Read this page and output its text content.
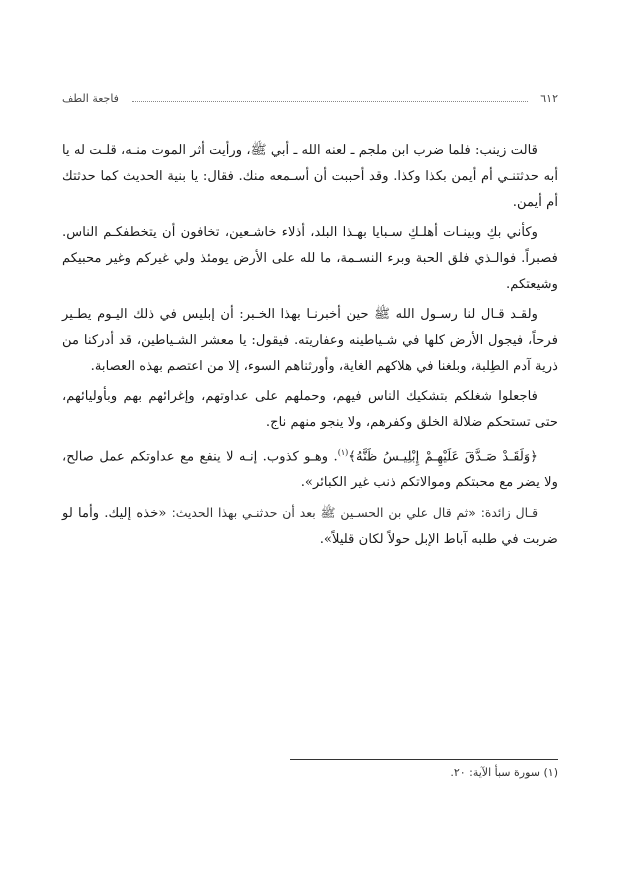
٦١٢
فاجعة الطف

قالت زينب: فلما ضرب ابن ملجم ـ لعنه الله ـ أبي ﷺ، ورأيت أثر الموت منـه، قلـت له يا أبه حدثتنـي أم أيمن بكذا وكذا. وقد أحببت أن أسـمعه منك. فقال: يا بنية الحديث كما حدثتك أم أيمن.

وكأني بكِ وبينـات أهلـكِ سـبايا بهـذا البلد، أذلاء خاشـعين، تخافون أن يتخطفكـم الناس. فصبراً. فوالـذي فلق الحبة وبرء النسـمة، ما لله على الأرض يومئذ ولي غيركم وغير محبيكم وشيعتكم.

ولقـد قـال لنا رسـول الله ﷺ حين أخبرنـا بهذا الخـبر: أن إبليس في ذلك اليـوم يطـير فرحاً، فيجول الأرض كلها في شـياطينه وعفاريته. فيقول: يا معشر الشـياطين، قد أدركنا من ذرية آدم الطِلبة، وبلغنا في هلاكهم الغاية، وأورثناهم السوء، إلا من اعتصم بهذه العصابة.

فاجعلوا شغلكم بتشكيك الناس فيهم، وحملهم على عداوتهم، وإغرائهم بهم وبأوليائهم، حتى تستحكم ضلالة الخلق وكفرهم، ولا ينجو منهم ناج.

﴿وَلَقَـدْ صَـدَّقَ عَلَيْهِـمْ إِبْلِيـسُ ظَنَّهُ﴾$^{(١)}$. وهـو كذوب. إنـه لا ينفع مع عداوتكم عمل صالح، ولا يضر مع محبتكم وموالاتكم ذنب غير الكبائر».

قـال زائدة: «ثم قال علي بن الحسـين ﷺ بعد أن حدثنـي بهذا الحديث: «خذه إليك. وأما لو ضربت في طلبه آباط الإبل حولاً لكان قليلاً».

(١) سورة سبأ الآية: ٢٠.
